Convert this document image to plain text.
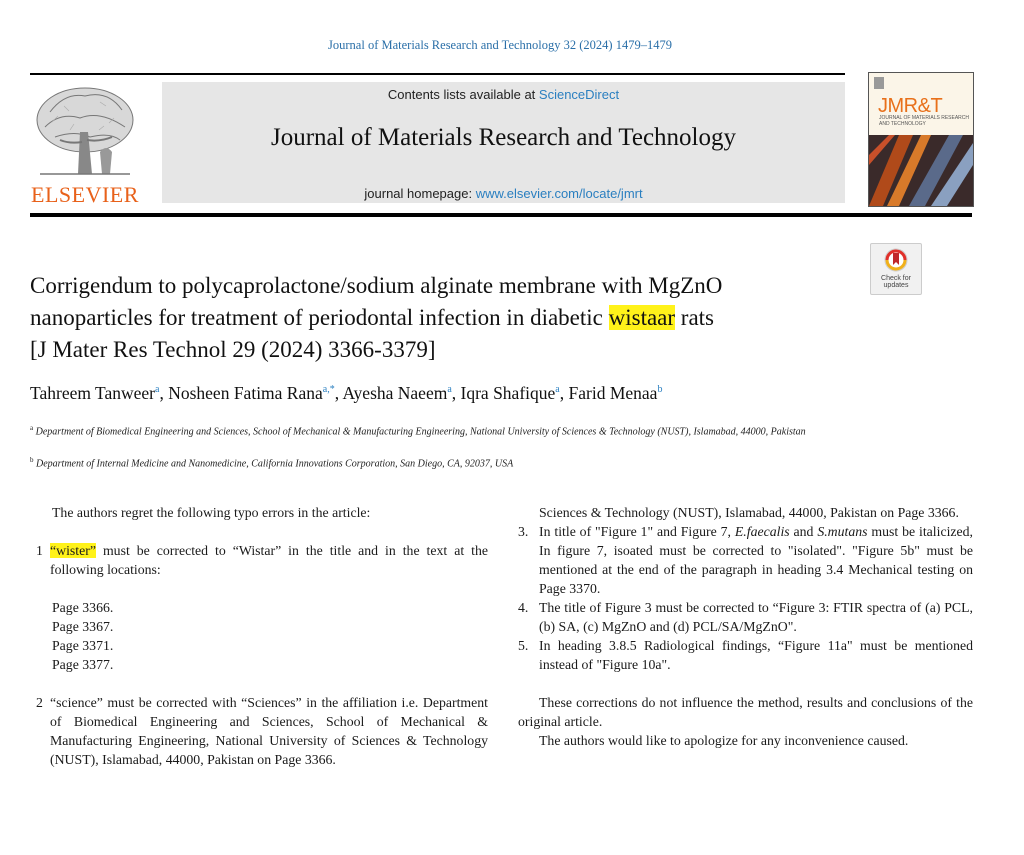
Journal of Materials Research and Technology 32 (2024) 1479–1479
ELSEVIER
Contents lists available at ScienceDirect
Journal of Materials Research and Technology
journal homepage: www.elsevier.com/locate/jmrt
JMR&T
JOURNAL OF MATERIALS RESEARCH AND TECHNOLOGY
Check for updates
Corrigendum to polycaprolactone/sodium alginate membrane with MgZnO
nanoparticles for treatment of periodontal infection in diabetic wistaar rats
[J Mater Res Technol 29 (2024) 3366-3379]
Tahreem Tanweer$^a$, Nosheen Fatima Rana$^{a,*}$, Ayesha Naeem$^a$, Iqra Shafique$^a$, Farid Menaa$^b$
$^a$ Department of Biomedical Engineering and Sciences, School of Mechanical & Manufacturing Engineering, National University of Sciences & Technology (NUST), Islamabad, 44000, Pakistan
$^b$ Department of Internal Medicine and Nanomedicine, California Innovations Corporation, San Diego, CA, 92037, USA

The authors regret the following typo errors in the article:

1 “wister” must be corrected to “Wistar” in the title and in the text at the following locations:
Page 3366.
Page 3367.
Page 3371.
Page 3377.
2 “science” must be corrected with “Sciences” in the affiliation i.e. Department of Biomedical Engineering and Sciences, School of Mechanical & Manufacturing Engineering, National University of Sciences & Technology (NUST), Islamabad, 44000, Pakistan on Page 3366.

Sciences & Technology (NUST), Islamabad, 44000, Pakistan on Page 3366.

3. In title of "Figure 1" and Figure 7, E.faecalis and S.mutans must be italicized, In figure 7, isoated must be corrected to "isolated". "Figure 5b" must be mentioned at the end of the paragraph in heading 3.4 Mechanical testing on Page 3370.
4. The title of Figure 3 must be corrected to “Figure 3: FTIR spectra of (a) PCL, (b) SA, (c) MgZnO and (d) PCL/SA/MgZnO".
5. In heading 3.8.5 Radiological findings, “Figure 11a" must be mentioned instead of "Figure 10a".

These corrections do not influence the method, results and conclusions of the original article.

The authors would like to apologize for any inconvenience caused.
